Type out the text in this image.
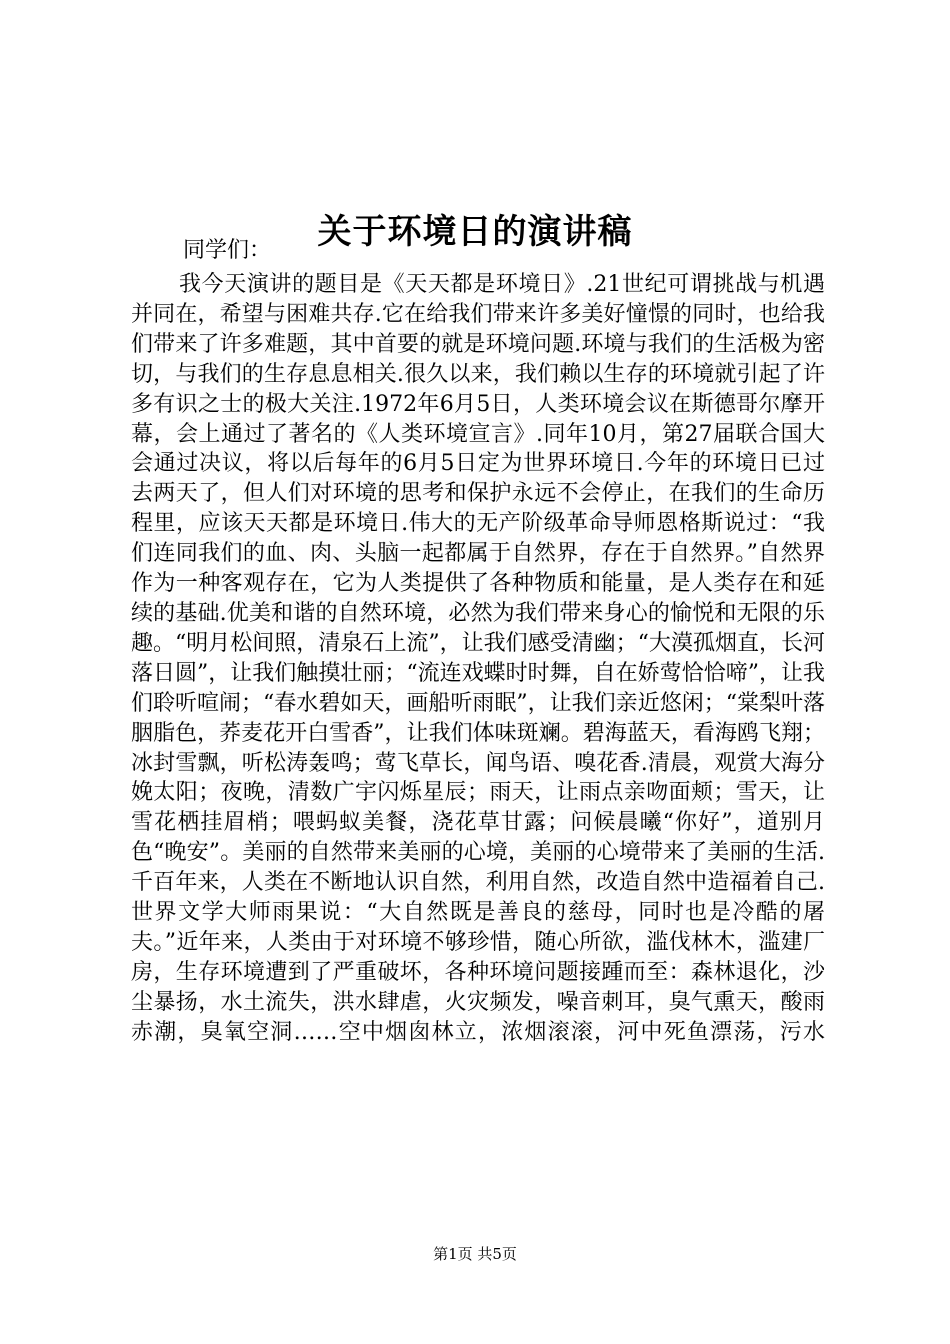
关于环境日的演讲稿

同学们：

我今天演讲的题目是《天天都是环境日》.21世纪可谓挑战与机遇并同在，希望与困难共存.它在给我们带来许多美好憧憬的同时，也给我们带来了许多难题，其中首要的就是环境问题.环境与我们的生活极为密切，与我们的生存息息相关.很久以来，我们赖以生存的环境就引起了许多有识之士的极大关注.1972年6月5日，人类环境会议在斯德哥尔摩开幕，会上通过了著名的《人类环境宣言》.同年10月，第27届联合国大会通过决议，将以后每年的6月5日定为世界环境日.今年的环境日已过去两天了，但人们对环境的思考和保护永远不会停止，在我们的生命历程里，应该天天都是环境日.伟大的无产阶级革命导师恩格斯说过：“我们连同我们的血、肉、头脑一起都属于自然界，存在于自然界。”自然界作为一种客观存在，它为人类提供了各种物质和能量，是人类存在和延续的基础.优美和谐的自然环境，必然为我们带来身心的愉悦和无限的乐趣。“明月松间照，清泉石上流”，让我们感受清幽；“大漠孤烟直，长河落日圆”，让我们触摸壮丽；“流连戏蝶时时舞，自在娇莺恰恰啼”，让我们聆听喧闹；“春水碧如天，画船听雨眠”，让我们亲近悠闲；“棠梨叶落胭脂色，荞麦花开白雪香”，让我们体味斑斓。碧海蓝天，看海鸥飞翔；冰封雪飘，听松涛轰鸣；莺飞草长，闻鸟语、嗅花香.清晨，观赏大海分娩太阳；夜晚，清数广宇闪烁星辰；雨天，让雨点亲吻面颊；雪天，让雪花栖挂眉梢；喂蚂蚁美餐，浇花草甘露；问候晨曦“你好”，道别月色“晚安”。美丽的自然带来美丽的心境，美丽的心境带来了美丽的生活.千百年来，人类在不断地认识自然，利用自然，改造自然中造福着自己.世界文学大师雨果说：“大自然既是善良的慈母，同时也是冷酷的屠夫。”近年来，人类由于对环境不够珍惜，随心所欲，滥伐林木，滥建厂房，生存环境遭到了严重破坏，各种环境问题接踵而至：森林退化，沙尘暴扬，水土流失，洪水肆虐，火灾频发，噪音刺耳，臭气熏天，酸雨赤潮，臭氧空洞……空中烟囱林立，浓烟滚滚，河中死鱼漂荡，污水

第1页 共5页
